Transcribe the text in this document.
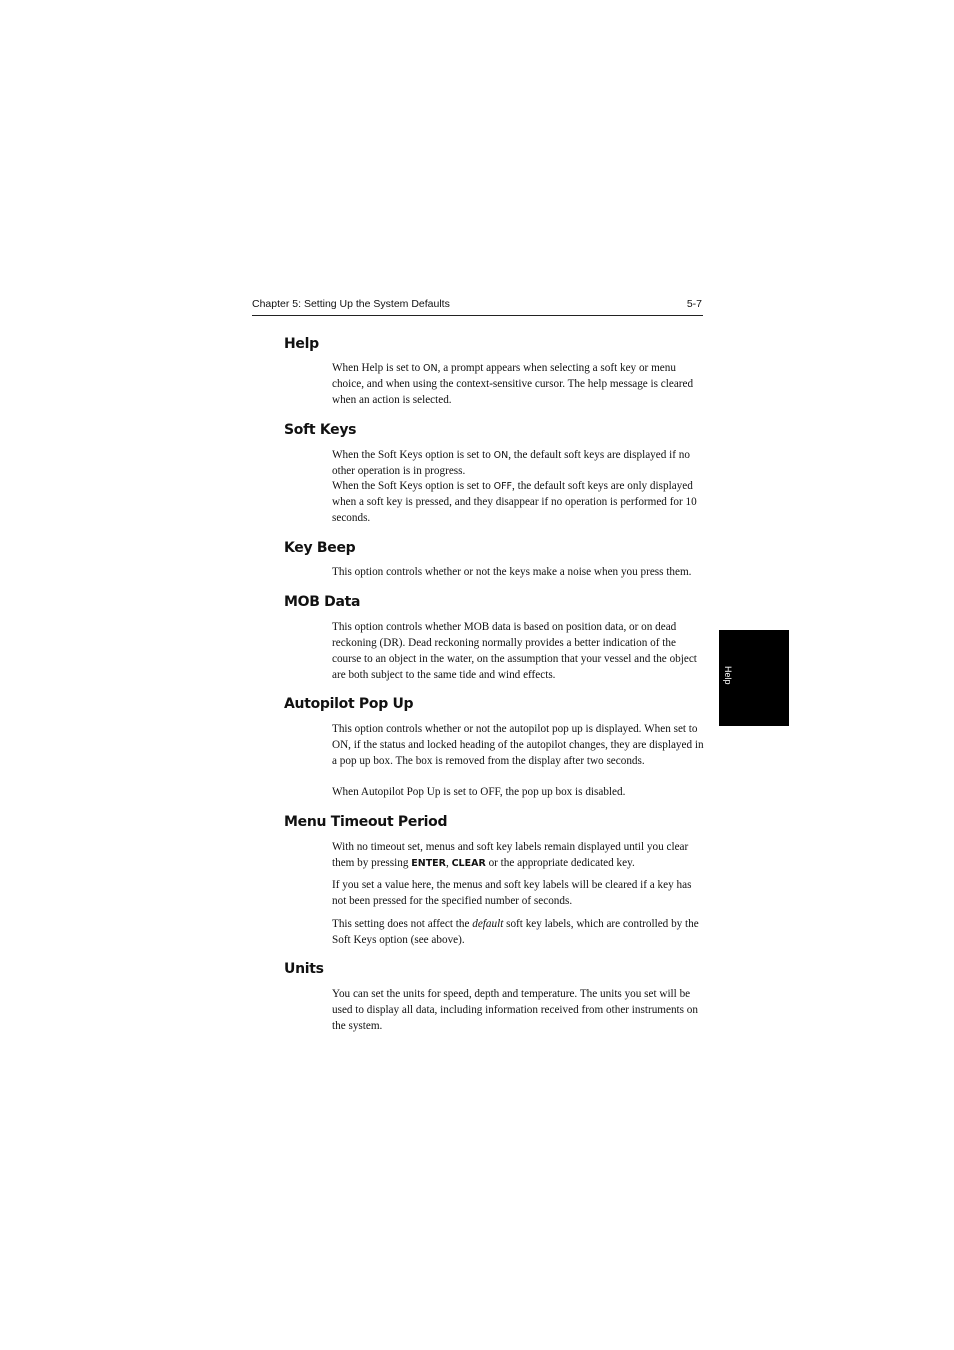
Chapter 5: Setting Up the System Defaults	5-7
Help
Help

When Help is set to ON, a prompt appears when selecting a soft key or menu choice, and when using the context-sensitive cursor. The help message is cleared when an action is selected.

Soft Keys

When the Soft Keys option is set to ON, the default soft keys are displayed if no other operation is in progress.

When the Soft Keys option is set to OFF, the default soft keys are only displayed when a soft key is pressed, and they disappear if no operation is performed for 10 seconds.

Key Beep

This option controls whether or not the keys make a noise when you press them.

MOB Data

This option controls whether MOB data is based on position data, or on dead reckoning (DR). Dead reckoning normally provides a better indication of the course to an object in the water, on the assumption that your vessel and the object are both subject to the same tide and wind effects.

Autopilot Pop Up

This option controls whether or not the autopilot pop up is displayed. When set to ON, if the status and locked heading of the autopilot changes, they are displayed in a pop up box. The box is removed from the display after two seconds.

When Autopilot Pop Up is set to OFF, the pop up box is disabled.

Menu Timeout Period

With no timeout set, menus and soft key labels remain displayed until you clear them by pressing ENTER, CLEAR or the appropriate dedicated key.

If you set a value here, the menus and soft key labels will be cleared if a key has not been pressed for the specified number of seconds.

This setting does not affect the default soft key labels, which are controlled by the Soft Keys option (see above).

Units

You can set the units for speed, depth and temperature. The units you set will be used to display all data, including information received from other instruments on the system.
